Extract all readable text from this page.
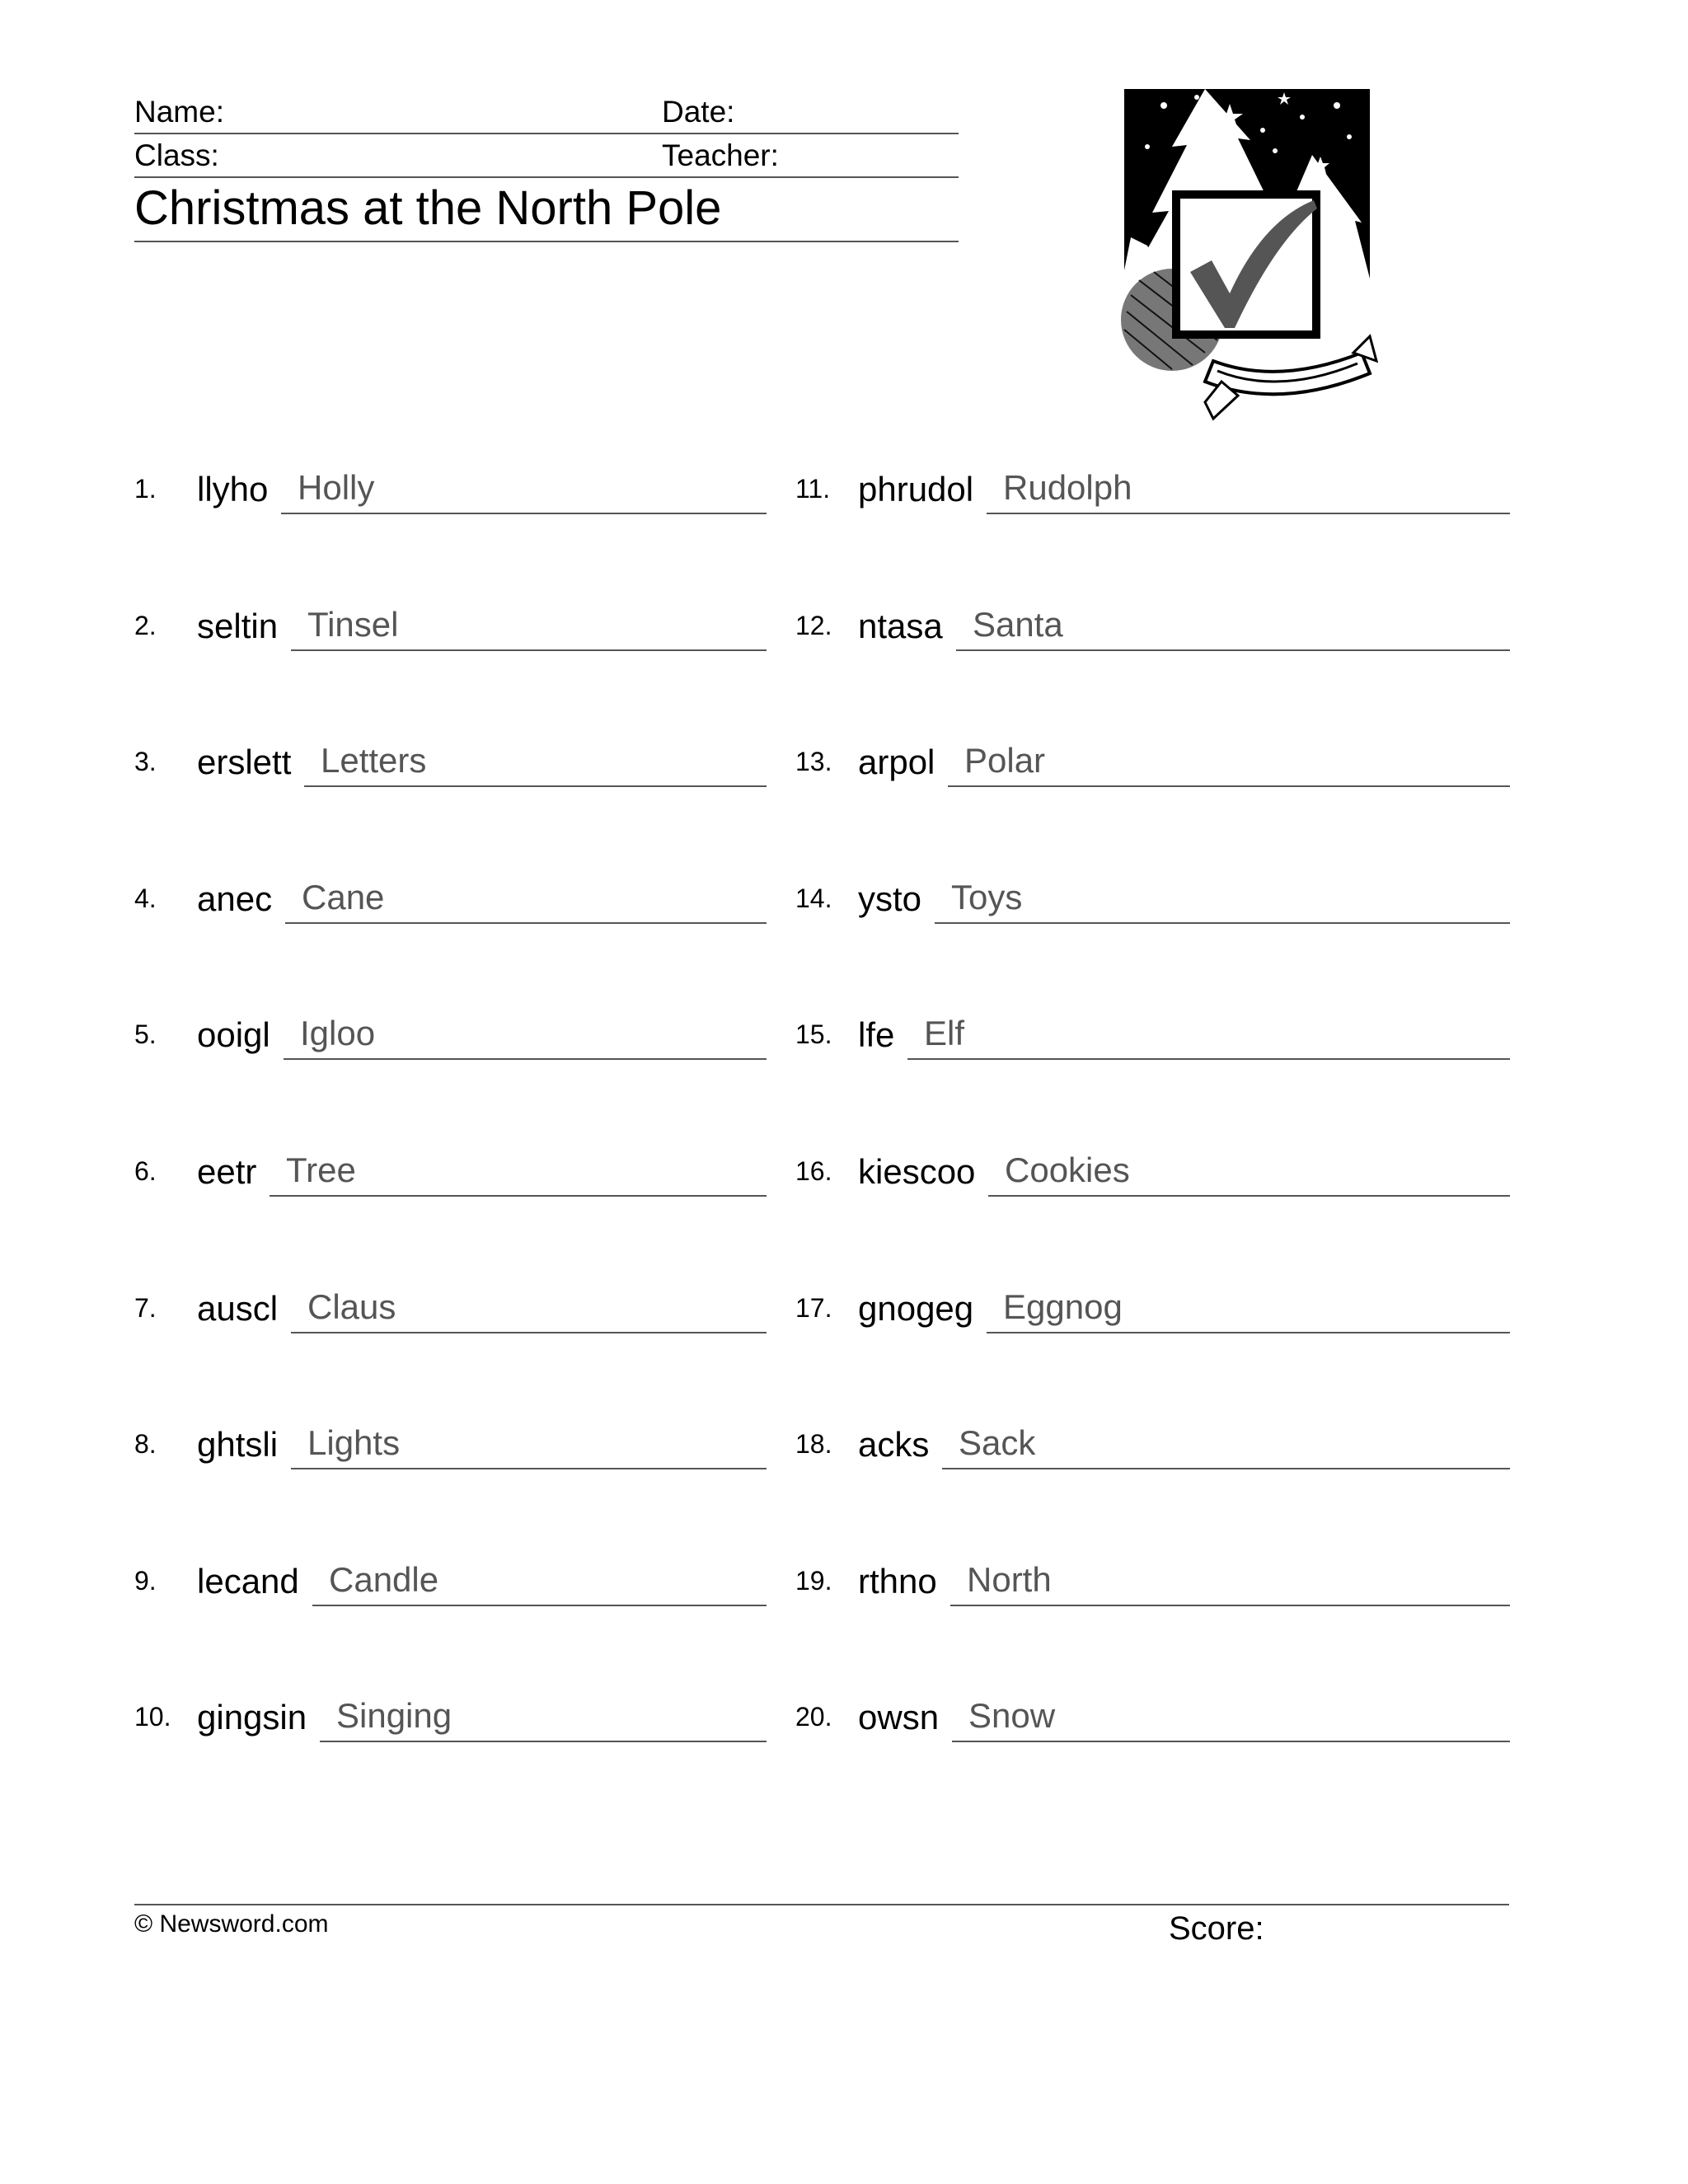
Name:	Date:
Class:	Teacher:
Christmas at the North Pole
1. llyho Holly
2. seltin Tinsel
3. erslett Letters
4. anec Cane
5. ooigl Igloo
6. eetr Tree
7. auscl Claus
8. ghtsli Lights
9. lecand Candle
10. gingsin Singing
11. phrudol Rudolph
12. ntasa Santa
13. arpol Polar
14. ysto Toys
15. lfe Elf
16. kiescoo Cookies
17. gnogeg Eggnog
18. acks Sack
19. rthno North
20. owsn Snow
© Newsword.com	Score:
